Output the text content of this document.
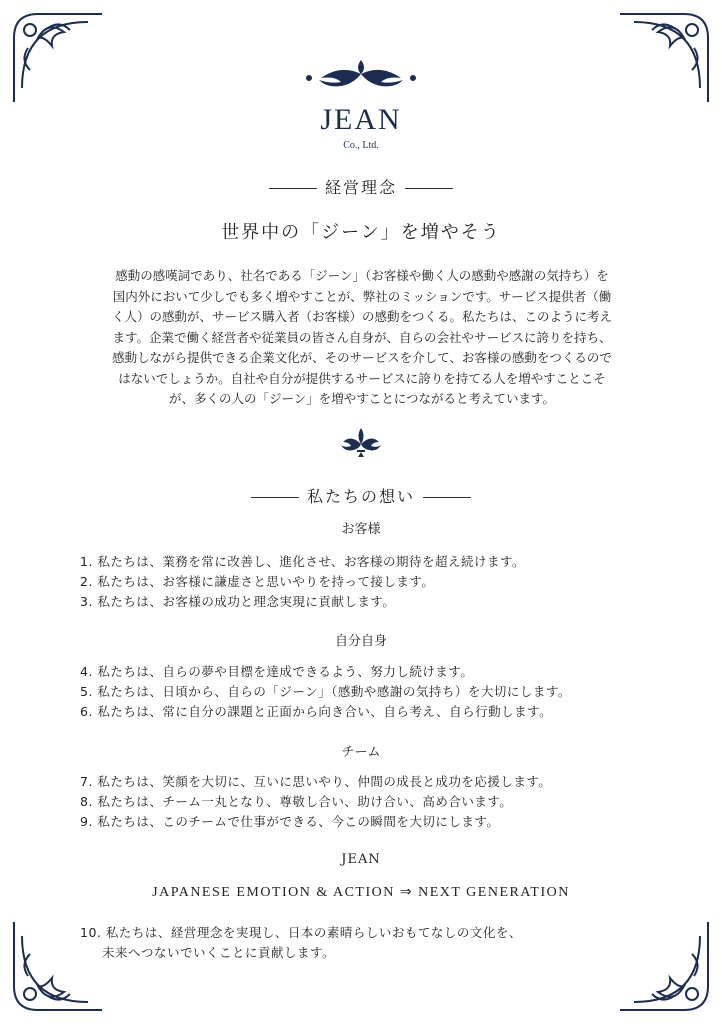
JEAN
Co., Ltd.
経営理念
世界中の「ジーン」を増やそう
感動の感嘆詞であり、社名である「ジーン」（お客様や働く人の感動や感謝の気持ち）を
国内外において少しでも多く増やすことが、弊社のミッションです。サービス提供者（働
く人）の感動が、サービス購入者（お客様）の感動をつくる。私たちは、このように考え
ます。企業で働く経営者や従業員の皆さん自身が、自らの会社やサービスに誇りを持ち、
感動しながら提供できる企業文化が、そのサービスを介して、お客様の感動をつくるので
はないでしょうか。自社や自分が提供するサービスに誇りを持てる人を増やすことこそ
が、多くの人の「ジーン」を増やすことにつながると考えています。
私たちの想い
お客様
1. 私たちは、業務を常に改善し、進化させ、お客様の期待を超え続けます。
2. 私たちは、お客様に謙虚さと思いやりを持って接します。
3. 私たちは、お客様の成功と理念実現に貢献します。
自分自身
4. 私たちは、自らの夢や目標を達成できるよう、努力し続けます。
5. 私たちは、日頃から、自らの「ジーン」（感動や感謝の気持ち）を大切にします。
6. 私たちは、常に自分の課題と正面から向き合い、自ら考え、自ら行動します。
チーム
7. 私たちは、笑顔を大切に、互いに思いやり、仲間の成長と成功を応援します。
8. 私たちは、チーム一丸となり、尊敬し合い、助け合い、高め合います。
9. 私たちは、このチームで仕事ができる、今この瞬間を大切にします。
JEAN
JAPANESE EMOTION & ACTION ⇒ NEXT GENERATION
10. 私たちは、経営理念を実現し、日本の素晴らしいおもてなしの文化を、
未来へつないでいくことに貢献します。
